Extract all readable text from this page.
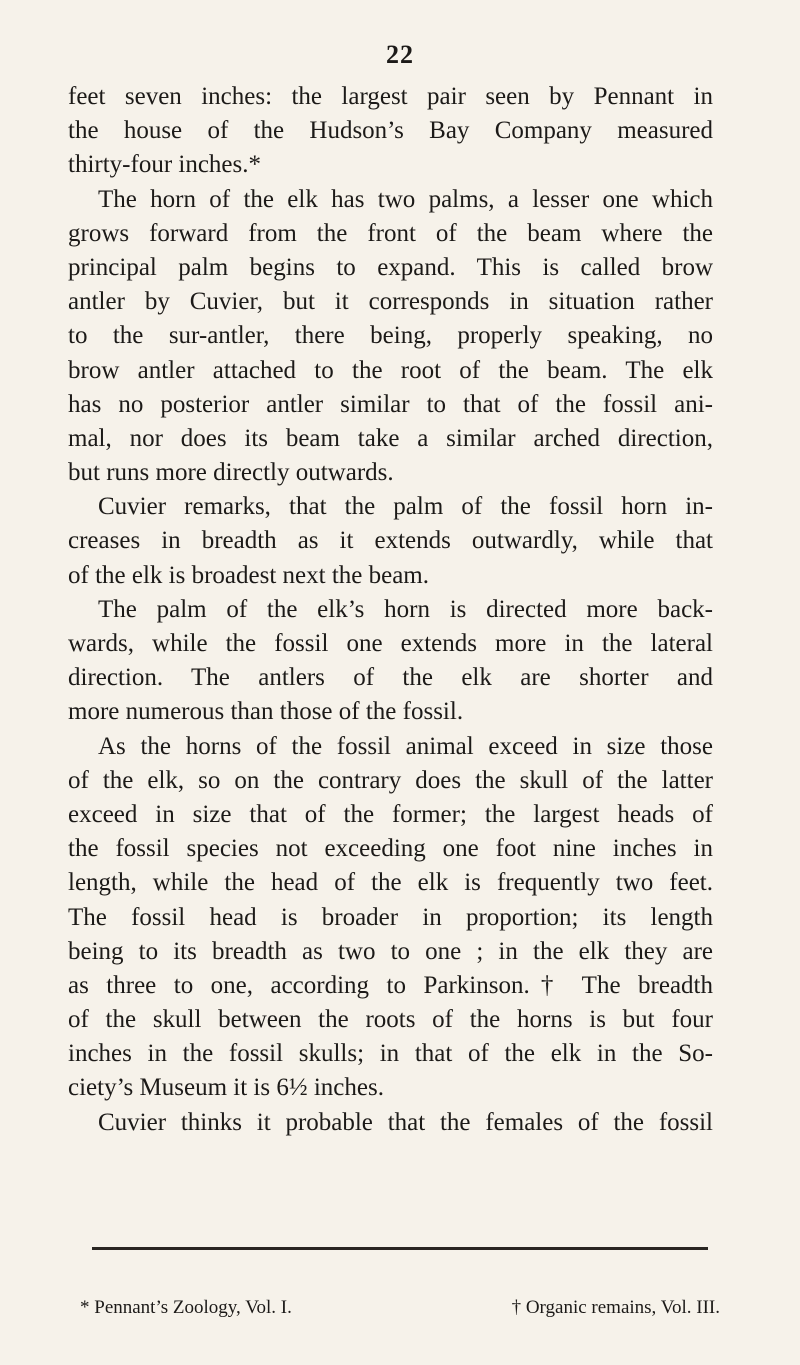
22
feet seven inches: the largest pair seen by Pennant in
the house of the Hudson’s Bay Company measured
thirty-four inches.*
The horn of the elk has two palms, a lesser one which
grows forward from the front of the beam where the
principal palm begins to expand. This is called brow
antler by Cuvier, but it corresponds in situation rather
to the sur-antler, there being, properly speaking, no
brow antler attached to the root of the beam. The elk
has no posterior antler similar to that of the fossil ani-
mal, nor does its beam take a similar arched direction,
but runs more directly outwards.
Cuvier remarks, that the palm of the fossil horn in-
creases in breadth as it extends outwardly, while that
of the elk is broadest next the beam.
The palm of the elk’s horn is directed more back-
wards, while the fossil one extends more in the lateral
direction. The antlers of the elk are shorter and
more numerous than those of the fossil.
As the horns of the fossil animal exceed in size those
of the elk, so on the contrary does the skull of the latter
exceed in size that of the former; the largest heads of
the fossil species not exceeding one foot nine inches in
length, while the head of the elk is frequently two feet.
The fossil head is broader in proportion; its length
being to its breadth as two to one ; in the elk they are
as three to one, according to Parkinson.† The breadth
of the skull between the roots of the horns is but four
inches in the fossil skulls; in that of the elk in the So-
ciety’s Museum it is 6½ inches.
Cuvier thinks it probable that the females of the fossil
* Pennant’s Zoology, Vol. I.	† Organic remains, Vol. III.
